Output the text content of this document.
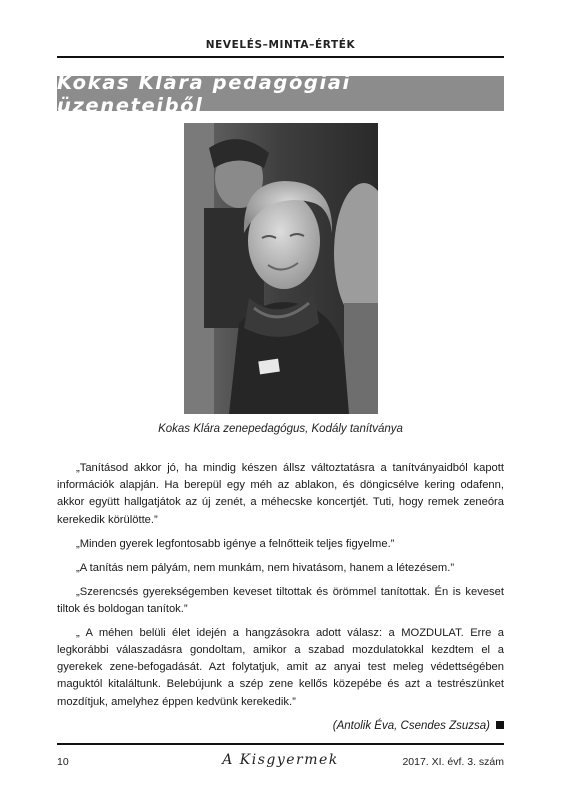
NEVELÉS–MINTA–ÉRTÉK
Kokas Klára pedagógiai üzeneteiből
Kokas Klára zenepedagógus, Kodály tanítványa

„Tanításod akkor jó, ha mindig készen állsz változtatásra a tanítványaidból kapott információk alapján. Ha berepül egy méh az ablakon, és döngicsélve kering odafenn, akkor együtt hallgatjátok az új zenét, a méhecske koncertjét. Tuti, hogy remek zeneóra kerekedik körülötte.”

„Minden gyerek legfontosabb igénye a felnőtteik teljes figyelme.”

„A tanítás nem pályám, nem munkám, nem hivatásom, hanem a létezésem.”

„Szerencsés gyerekségemben keveset tiltottak és örömmel tanítottak. Én is keveset tiltok és boldogan tanítok.”

„ A méhen belüli élet idején a hangzásokra adott válasz: a MOZDULAT. Erre a legkorábbi válaszadásra gondoltam, amikor a szabad mozdulatokkal kezdtem el a gyerekek zene-befogadását. Azt folytatjuk, amit az anyai test meleg védettségében maguktól kitaláltunk. Belebújunk a szép zene kellős közepébe és azt a testrészünket mozdítjuk, amelyhez éppen kedvünk kerekedik.”

(Antolik Éva, Csendes Zsuzsa)

10	A Kisgyermek	2017. XI. évf. 3. szám
